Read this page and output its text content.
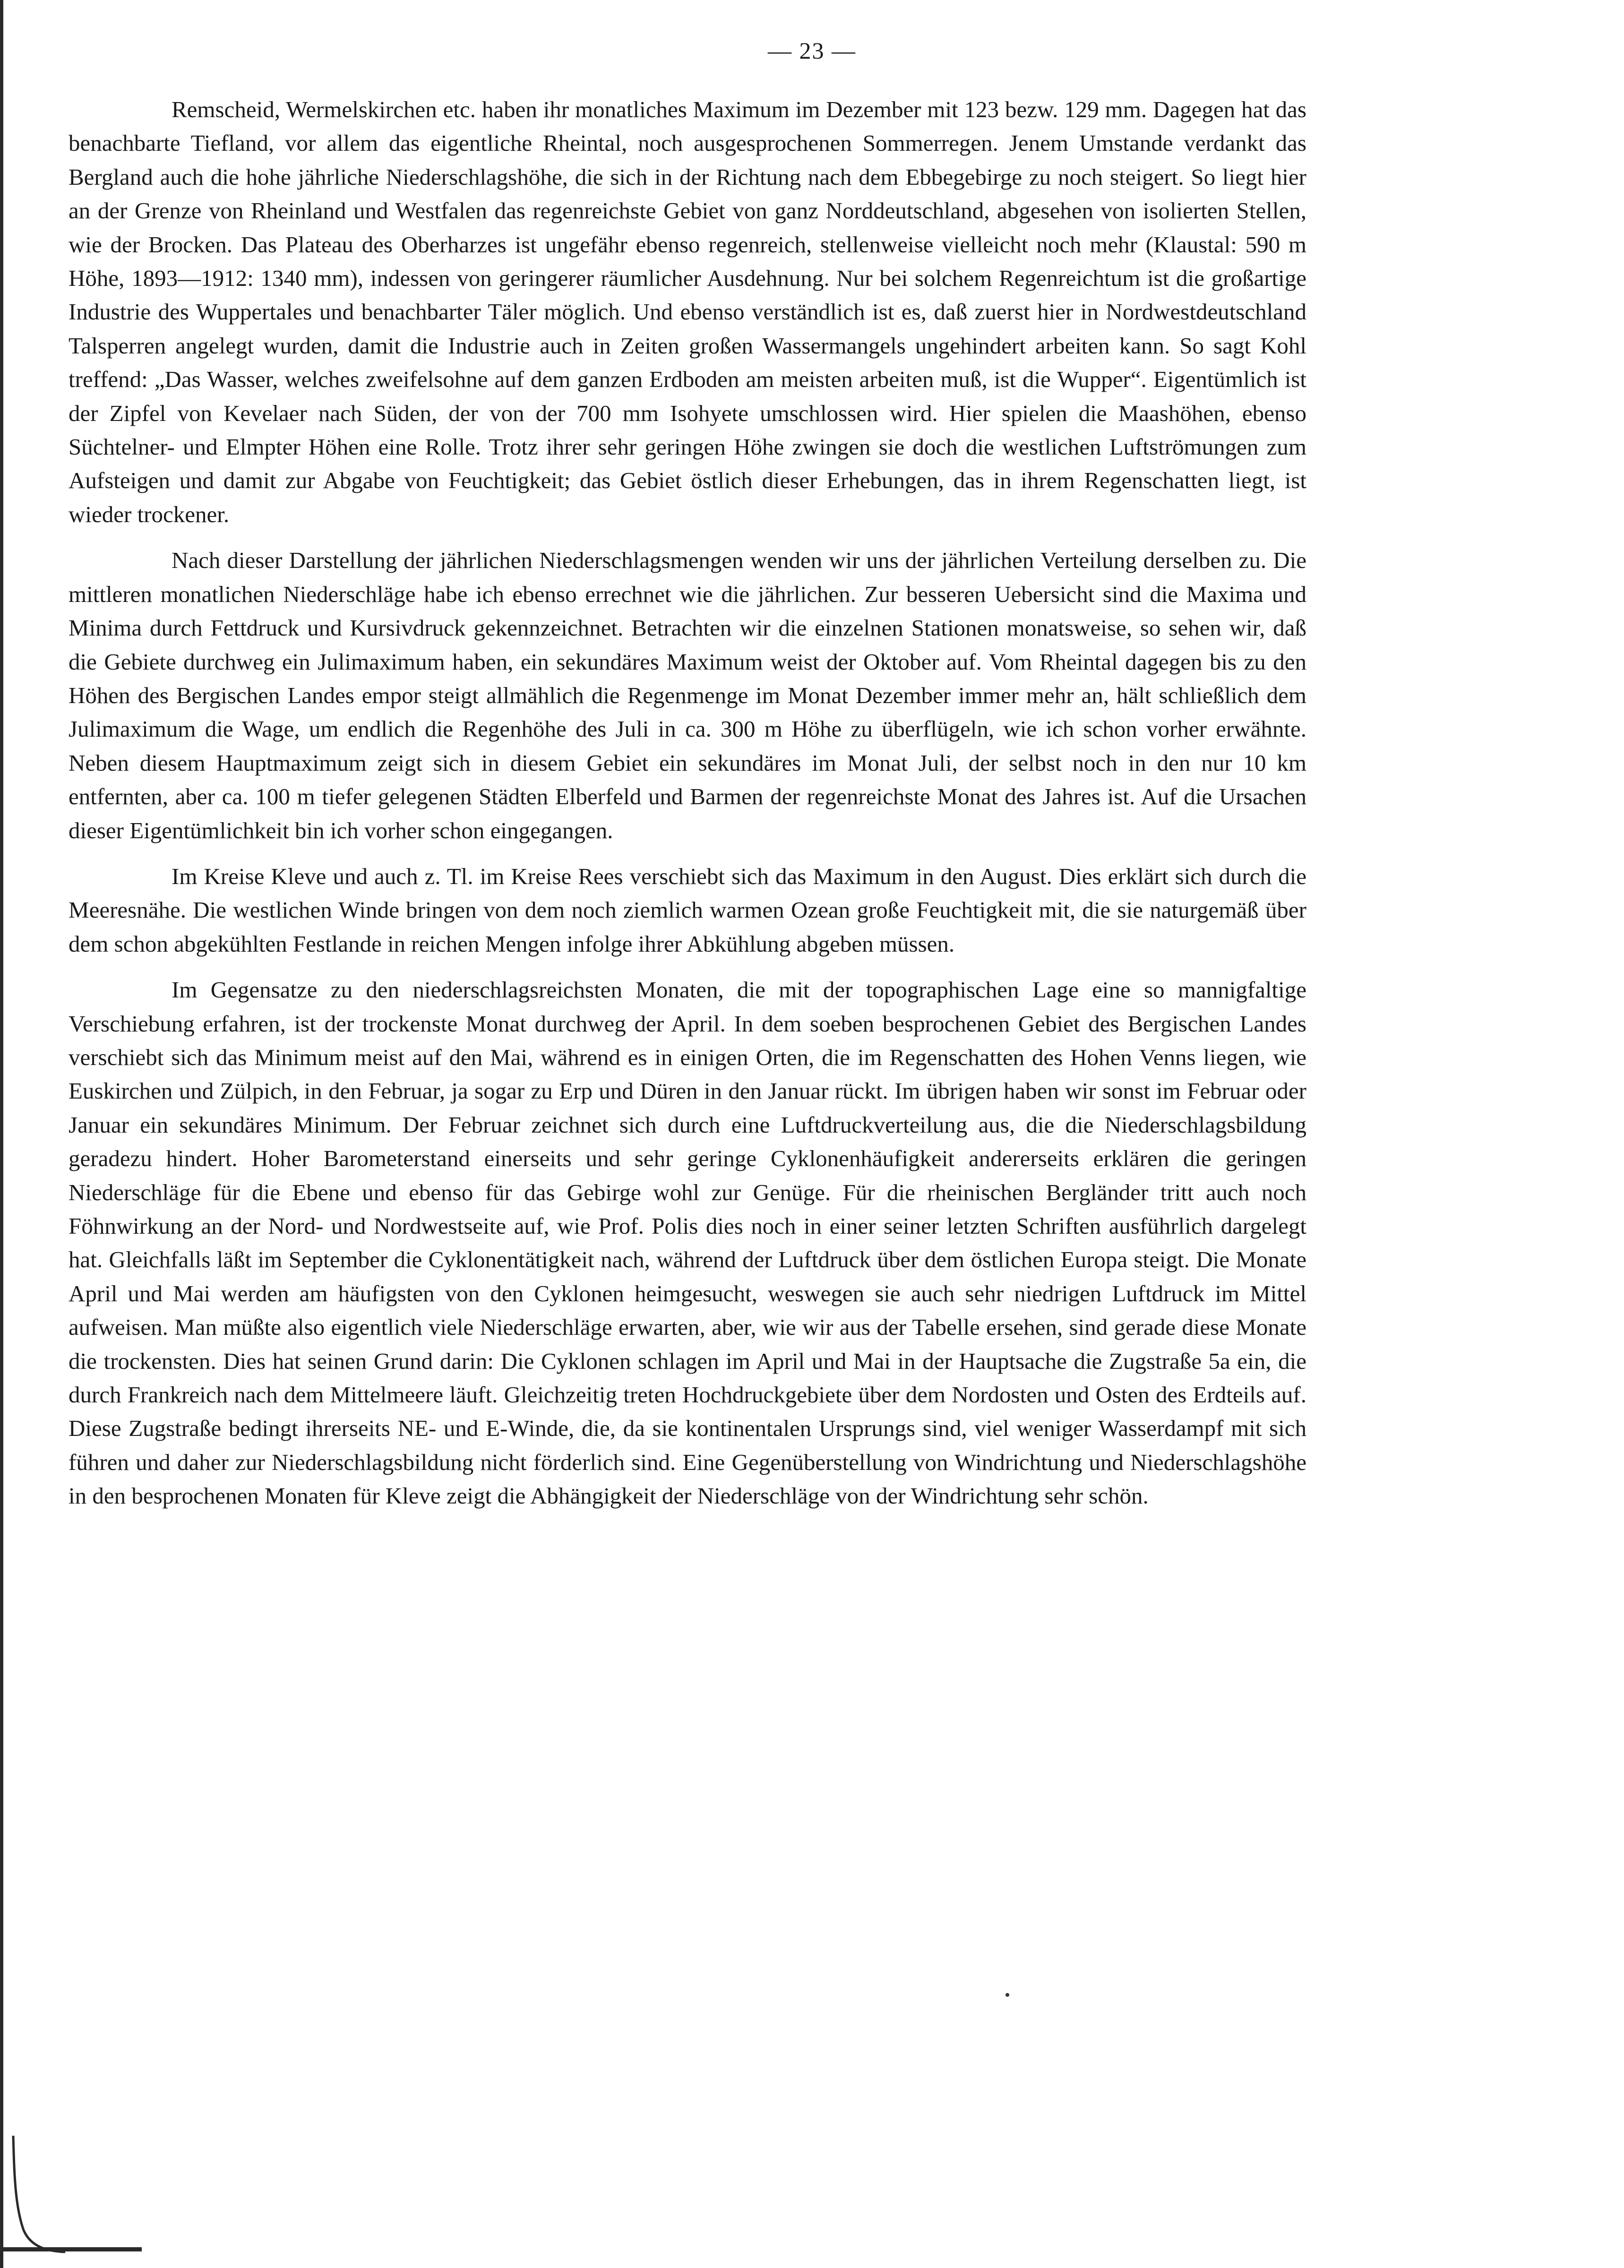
— 23 —

Remscheid, Wermelskirchen etc. haben ihr monatliches Maximum im Dezember mit 123 bezw. 129 mm. Dagegen hat das benachbarte Tiefland, vor allem das eigentliche Rheintal, noch ausgesprochenen Sommerregen. Jenem Umstande verdankt das Bergland auch die hohe jährliche Niederschlagshöhe, die sich in der Richtung nach dem Ebbegebirge zu noch steigert. So liegt hier an der Grenze von Rheinland und Westfalen das regenreichste Gebiet von ganz Norddeutschland, abgesehen von isolierten Stellen, wie der Brocken. Das Plateau des Oberharzes ist ungefähr ebenso regenreich, stellenweise vielleicht noch mehr (Klaustal: 590 m Höhe, 1893—1912: 1340 mm), indessen von geringerer räumlicher Ausdehnung. Nur bei solchem Regenreichtum ist die großartige Industrie des Wuppertales und benachbarter Täler möglich. Und ebenso verständlich ist es, daß zuerst hier in Nordwestdeutschland Talsperren angelegt wurden, damit die Industrie auch in Zeiten großen Wassermangels ungehindert arbeiten kann. So sagt Kohl treffend: „Das Wasser, welches zweifelsohne auf dem ganzen Erdboden am meisten arbeiten muß, ist die Wupper“. Eigentümlich ist der Zipfel von Kevelaer nach Süden, der von der 700 mm Isohyete umschlossen wird. Hier spielen die Maashöhen, ebenso Süchtelner- und Elmpter Höhen eine Rolle. Trotz ihrer sehr geringen Höhe zwingen sie doch die westlichen Luftströmungen zum Aufsteigen und damit zur Abgabe von Feuchtigkeit; das Gebiet östlich dieser Erhebungen, das in ihrem Regenschatten liegt, ist wieder trockener.

Nach dieser Darstellung der jährlichen Niederschlagsmengen wenden wir uns der jährlichen Verteilung derselben zu. Die mittleren monatlichen Niederschläge habe ich ebenso errechnet wie die jährlichen. Zur besseren Uebersicht sind die Maxima und Minima durch Fettdruck und Kursivdruck gekennzeichnet. Betrachten wir die einzelnen Stationen monatsweise, so sehen wir, daß die Gebiete durchweg ein Julimaximum haben, ein sekundäres Maximum weist der Oktober auf. Vom Rheintal dagegen bis zu den Höhen des Bergischen Landes empor steigt allmählich die Regenmenge im Monat Dezember immer mehr an, hält schließlich dem Julimaximum die Wage, um endlich die Regenhöhe des Juli in ca. 300 m Höhe zu überflügeln, wie ich schon vorher erwähnte. Neben diesem Hauptmaximum zeigt sich in diesem Gebiet ein sekundäres im Monat Juli, der selbst noch in den nur 10 km entfernten, aber ca. 100 m tiefer gelegenen Städten Elberfeld und Barmen der regenreichste Monat des Jahres ist. Auf die Ursachen dieser Eigentümlichkeit bin ich vorher schon eingegangen.

Im Kreise Kleve und auch z. Tl. im Kreise Rees verschiebt sich das Maximum in den August. Dies erklärt sich durch die Meeresnähe. Die westlichen Winde bringen von dem noch ziemlich warmen Ozean große Feuchtigkeit mit, die sie naturgemäß über dem schon abgekühlten Festlande in reichen Mengen infolge ihrer Abkühlung abgeben müssen.

Im Gegensatze zu den niederschlagsreichsten Monaten, die mit der topographischen Lage eine so mannigfaltige Verschiebung erfahren, ist der trockenste Monat durchweg der April. In dem soeben besprochenen Gebiet des Bergischen Landes verschiebt sich das Minimum meist auf den Mai, während es in einigen Orten, die im Regenschatten des Hohen Venns liegen, wie Euskirchen und Zülpich, in den Februar, ja sogar zu Erp und Düren in den Januar rückt. Im übrigen haben wir sonst im Februar oder Januar ein sekundäres Minimum. Der Februar zeichnet sich durch eine Luftdruckverteilung aus, die die Niederschlagsbildung geradezu hindert. Hoher Barometerstand einerseits und sehr geringe Cyklonenhäufigkeit andererseits erklären die geringen Niederschläge für die Ebene und ebenso für das Gebirge wohl zur Genüge. Für die rheinischen Bergländer tritt auch noch Föhnwirkung an der Nord- und Nordwestseite auf, wie Prof. Polis dies noch in einer seiner letzten Schriften ausführlich dargelegt hat. Gleichfalls läßt im September die Cyklonentätigkeit nach, während der Luftdruck über dem östlichen Europa steigt. Die Monate April und Mai werden am häufigsten von den Cyklonen heimgesucht, weswegen sie auch sehr niedrigen Luftdruck im Mittel aufweisen. Man müßte also eigentlich viele Niederschläge erwarten, aber, wie wir aus der Tabelle ersehen, sind gerade diese Monate die trockensten. Dies hat seinen Grund darin: Die Cyklonen schlagen im April und Mai in der Hauptsache die Zugstraße 5a ein, die durch Frankreich nach dem Mittelmeere läuft. Gleichzeitig treten Hochdruckgebiete über dem Nordosten und Osten des Erdteils auf. Diese Zugstraße bedingt ihrerseits NE- und E-Winde, die, da sie kontinentalen Ursprungs sind, viel weniger Wasserdampf mit sich führen und daher zur Niederschlagsbildung nicht förderlich sind. Eine Gegenüberstellung von Windrichtung und Niederschlagshöhe in den besprochenen Monaten für Kleve zeigt die Abhängigkeit der Niederschläge von der Windrichtung sehr schön.
